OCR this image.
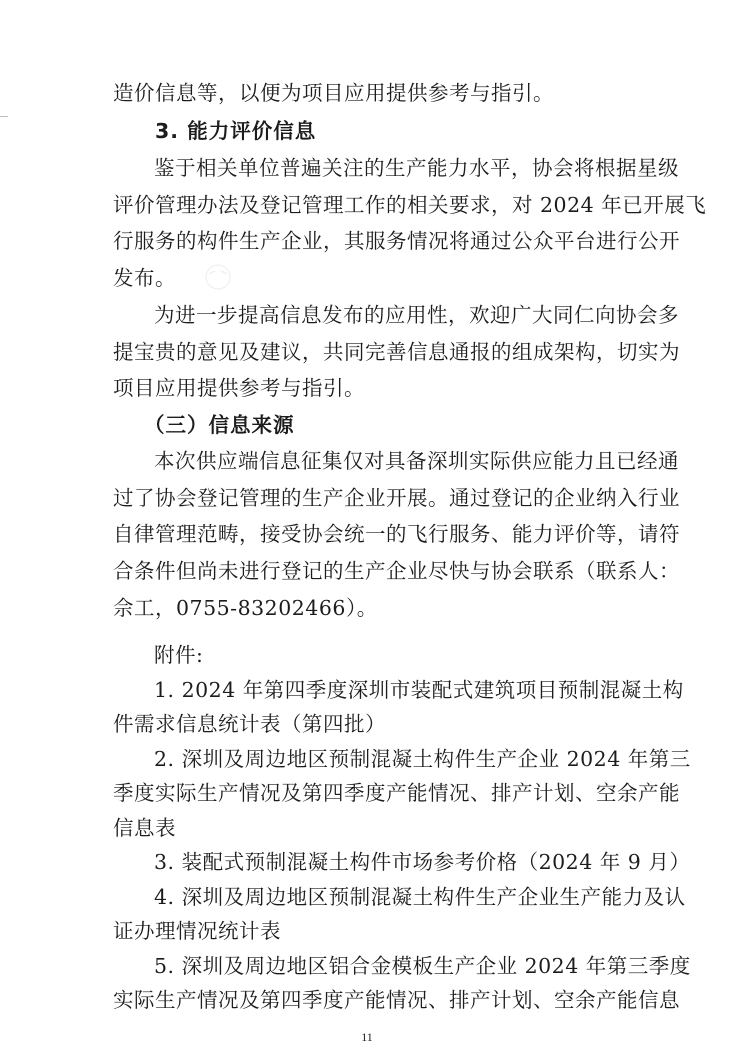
造价信息等，以便为项目应用提供参考与指引。
3. 能力评价信息
鉴于相关单位普遍关注的生产能力水平，协会将根据星级
评价管理办法及登记管理工作的相关要求，对 2024 年已开展飞
行服务的构件生产企业，其服务情况将通过公众平台进行公开
发布。
为进一步提高信息发布的应用性，欢迎广大同仁向协会多
提宝贵的意见及建议，共同完善信息通报的组成架构，切实为
项目应用提供参考与指引。
（三）信息来源
本次供应端信息征集仅对具备深圳实际供应能力且已经通
过了协会登记管理的生产企业开展。通过登记的企业纳入行业
自律管理范畴，接受协会统一的飞行服务、能力评价等，请符
合条件但尚未进行登记的生产企业尽快与协会联系（联系人：
佘工，0755-83202466）。
附件:
1. 2024 年第四季度深圳市装配式建筑项目预制混凝土构
件需求信息统计表（第四批）
2. 深圳及周边地区预制混凝土构件生产企业 2024 年第三
季度实际生产情况及第四季度产能情况、排产计划、空余产能
信息表
3. 装配式预制混凝土构件市场参考价格（2024 年 9 月）
4. 深圳及周边地区预制混凝土构件生产企业生产能力及认
证办理情况统计表
11
5. 深圳及周边地区铝合金模板生产企业 2024 年第三季度
实际生产情况及第四季度产能情况、排产计划、空余产能信息
